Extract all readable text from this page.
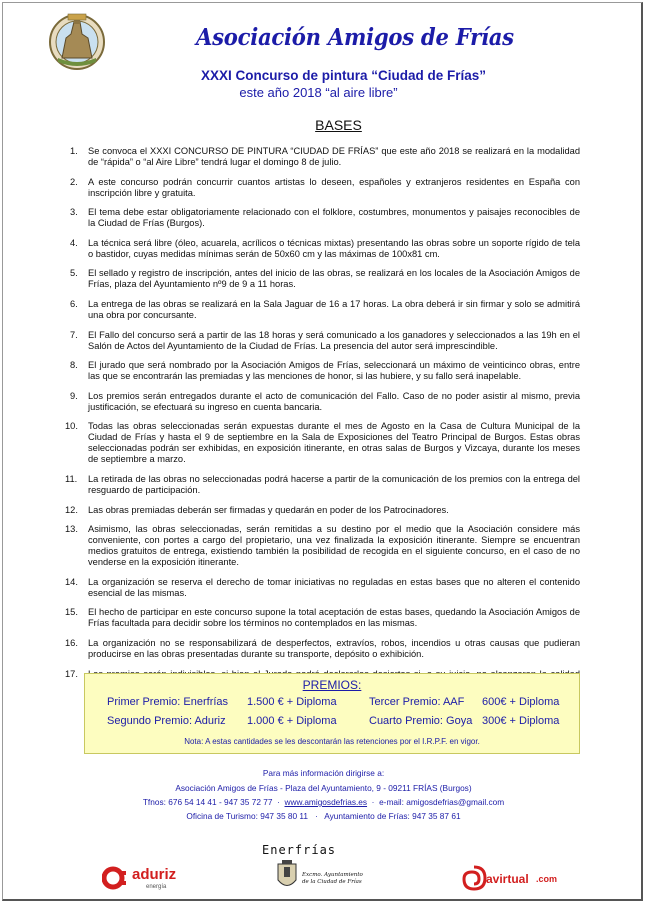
Asociación Amigos de Frías
XXXI Concurso de pintura “Ciudad de Frías”
este año 2018 “al aire libre”
BASES
1. Se convoca el XXXI CONCURSO DE PINTURA “CIUDAD DE FRÍAS” que este año 2018 se realizará en la modalidad de “rápida” o “al Aire Libre” tendrá lugar el domingo 8 de julio.
2. A este concurso podrán concurrir cuantos artistas lo deseen, españoles y extranjeros residentes en España con inscripción libre y gratuita.
3. El tema debe estar obligatoriamente relacionado con el folklore, costumbres, monumentos y paisajes reconocibles de la Ciudad de Frías (Burgos).
4. La técnica será libre (óleo, acuarela, acrílicos o técnicas mixtas) presentando las obras sobre un soporte rígido de tela o bastidor, cuyas medidas mínimas serán de 50x60 cm y las máximas de 100x81 cm.
5. El sellado y registro de inscripción, antes del inicio de las obras, se realizará en los locales de la Asociación Amigos de Frías, plaza del Ayuntamiento nº9 de 9 a 11 horas.
6. La entrega de las obras se realizará en la Sala Jaguar de 16 a 17 horas. La obra deberá ir sin firmar y solo se admitirá una obra por concursante.
7. El Fallo del concurso será a partir de las 18 horas y será comunicado a los ganadores y seleccionados a las 19h en el Salón de Actos del Ayuntamiento de la Ciudad de Frías. La presencia del autor será imprescindible.
8. El jurado que será nombrado por la Asociación Amigos de Frías, seleccionará un máximo de veinticinco obras, entre las que se encontrarán las premiadas y las menciones de honor, si las hubiere, y su fallo será inapelable.
9. Los premios serán entregados durante el acto de comunicación del Fallo. Caso de no poder asistir al mismo, previa justificación, se efectuará su ingreso en cuenta bancaria.
10. Todas las obras seleccionadas serán expuestas durante el mes de Agosto en la Casa de Cultura Municipal de la Ciudad de Frías y hasta el 9 de septiembre en la Sala de Exposiciones del Teatro Principal de Burgos. Estas obras seleccionadas podrán ser exhibidas, en exposición itinerante, en otras salas de Burgos y Vizcaya, durante los meses de septiembre a marzo.
11. La retirada de las obras no seleccionadas podrá hacerse a partir de la comunicación de los premios con la entrega del resguardo de participación.
12. Las obras premiadas deberán ser firmadas y quedarán en poder de los Patrocinadores.
13. Asimismo, las obras seleccionadas, serán remitidas a su destino por el medio que la Asociación considere más conveniente, con portes a cargo del propietario, una vez finalizada la exposición itinerante. Siempre se encuentran medios gratuitos de entrega, existiendo también la posibilidad de recogida en el siguiente concurso, en el caso de no venderse en la exposición itinerante.
14. La organización se reserva el derecho de tomar iniciativas no reguladas en estas bases que no alteren el contenido esencial de las mismas.
15. El hecho de participar en este concurso supone la total aceptación de estas bases, quedando la Asociación Amigos de Frías facultada para decidir sobre los términos no contemplados en las mismas.
16. La organización no se responsabilizará de desperfectos, extravíos, robos, incendios u otras causas que pudieran producirse en las obras presentadas durante su transporte, depósito o exhibición.
17.
PREMIOS:
Primer Premio: Enerfrías 1.500 € + Diploma
Segundo Premio: Aduriz 1.000 € + Diploma
Tercer Premio: AAF 600€ + Diploma
Cuarto Premio: Goya 300€ + Diploma
Nota: A estas cantidades se les descontarán las retenciones por el I.R.P.F. en vigor.
Para más información dirigirse a:
Asociación Amigos de Frías - Plaza del Ayuntamiento, 9 - 09211 FRÍAS (Burgos)
Tfnos: 676 54 14 41 - 947 35 72 77 · www.amigosdefrias.es · e-mail: amigosdefrias@gmail.com
Oficina de Turismo: 947 35 80 11 · Ayuntamiento de Frías: 947 35 87 61
Enerfrías
aduriz
energía
Excmo. Ayuntamiento
de la Ciudad de Frías	avirtual .com
